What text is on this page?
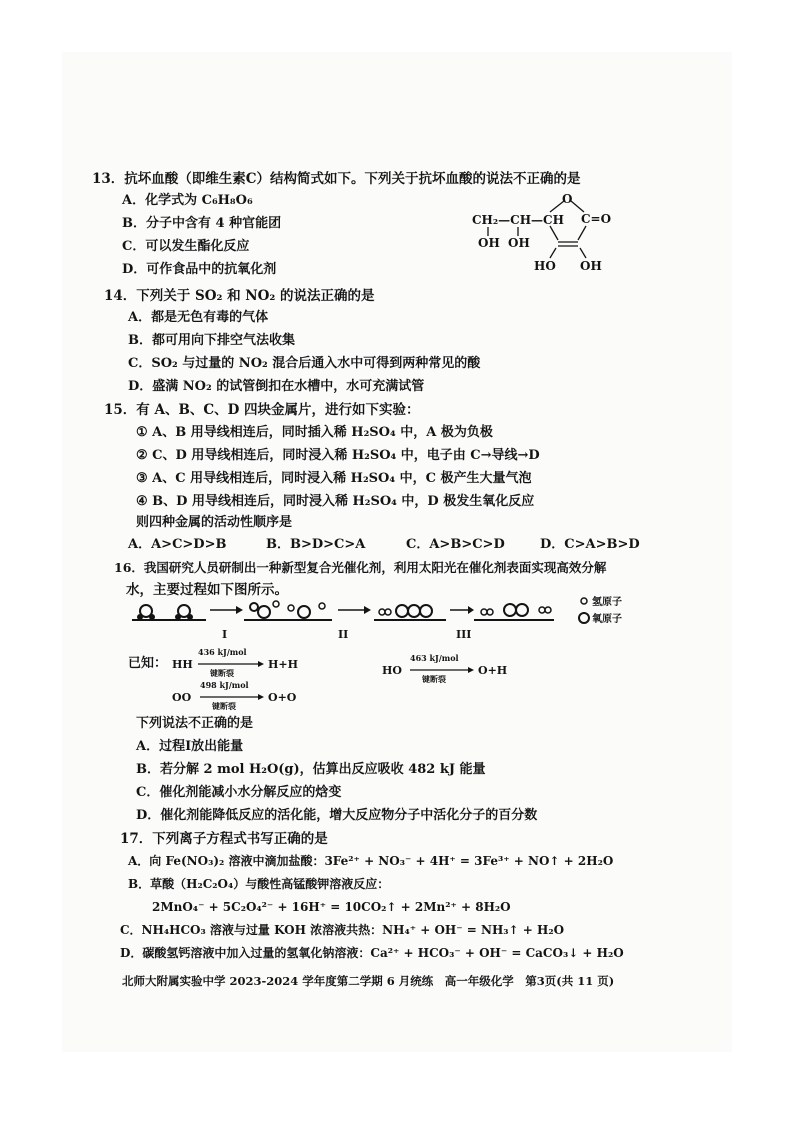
13．抗坏血酸（即维生素C）结构简式如下。下列关于抗坏血酸的说法不正确的是
A．化学式为 C₆H₈O₆
B．分子中含有 4 种官能团
C．可以发生酯化反应
D．可作食品中的抗氧化剂
CH₂—CH—CH
OH OH
O
C=O
HO OH
14．下列关于 SO₂ 和 NO₂ 的说法正确的是
A．都是无色有毒的气体
B．都可用向下排空气法收集
C．SO₂ 与过量的 NO₂ 混合后通入水中可得到两种常见的酸
D．盛满 NO₂ 的试管倒扣在水槽中，水可充满试管
15．有 A、B、C、D 四块金属片，进行如下实验：
① A、B 用导线相连后，同时插入稀 H₂SO₄ 中，A 极为负极
② C、D 用导线相连后，同时浸入稀 H₂SO₄ 中，电子由 C→导线→D
③ A、C 用导线相连后，同时浸入稀 H₂SO₄ 中，C 极产生大量气泡
④ B、D 用导线相连后，同时浸入稀 H₂SO₄ 中，D 极发生氧化反应
则四种金属的活动性顺序是
A．A>C>D>B	B．B>D>C>A	C．A>B>C>D	D．C>A>B>D
16．我国研究人员研制出一种新型复合光催化剂，利用太阳光在催化剂表面实现高效分解
水，主要过程如下图所示。
I	II	III
氢原子
氧原子
已知： HH
436 kJ/mol
键断裂
H+H	HO
463 kJ/mol
键断裂
O+H
OO
498 kJ/mol
键断裂
O+O
下列说法不正确的是
A．过程Ⅰ放出能量
B．若分解 2 mol H₂O(g)，估算出反应吸收 482 kJ 能量
C．催化剂能减小水分解反应的焓变
D．催化剂能降低反应的活化能，增大反应物分子中活化分子的百分数
17．下列离子方程式书写正确的是
A．向 Fe(NO₃)₂ 溶液中滴加盐酸：3Fe²⁺ + NO₃⁻ + 4H⁺ = 3Fe³⁺ + NO↑ + 2H₂O
B．草酸（H₂C₂O₄）与酸性高锰酸钾溶液反应：
2MnO₄⁻ + 5C₂O₄²⁻ + 16H⁺ = 10CO₂↑ + 2Mn²⁺ + 8H₂O
C．NH₄HCO₃ 溶液与过量 KOH 浓溶液共热：NH₄⁺ + OH⁻ = NH₃↑ + H₂O
D．碳酸氢钙溶液中加入过量的氢氧化钠溶液：Ca²⁺ + HCO₃⁻ + OH⁻ = CaCO₃↓ + H₂O
北师大附属实验中学 2023-2024 学年度第二学期 6 月统练　高一年级化学　第3页(共 11 页)
